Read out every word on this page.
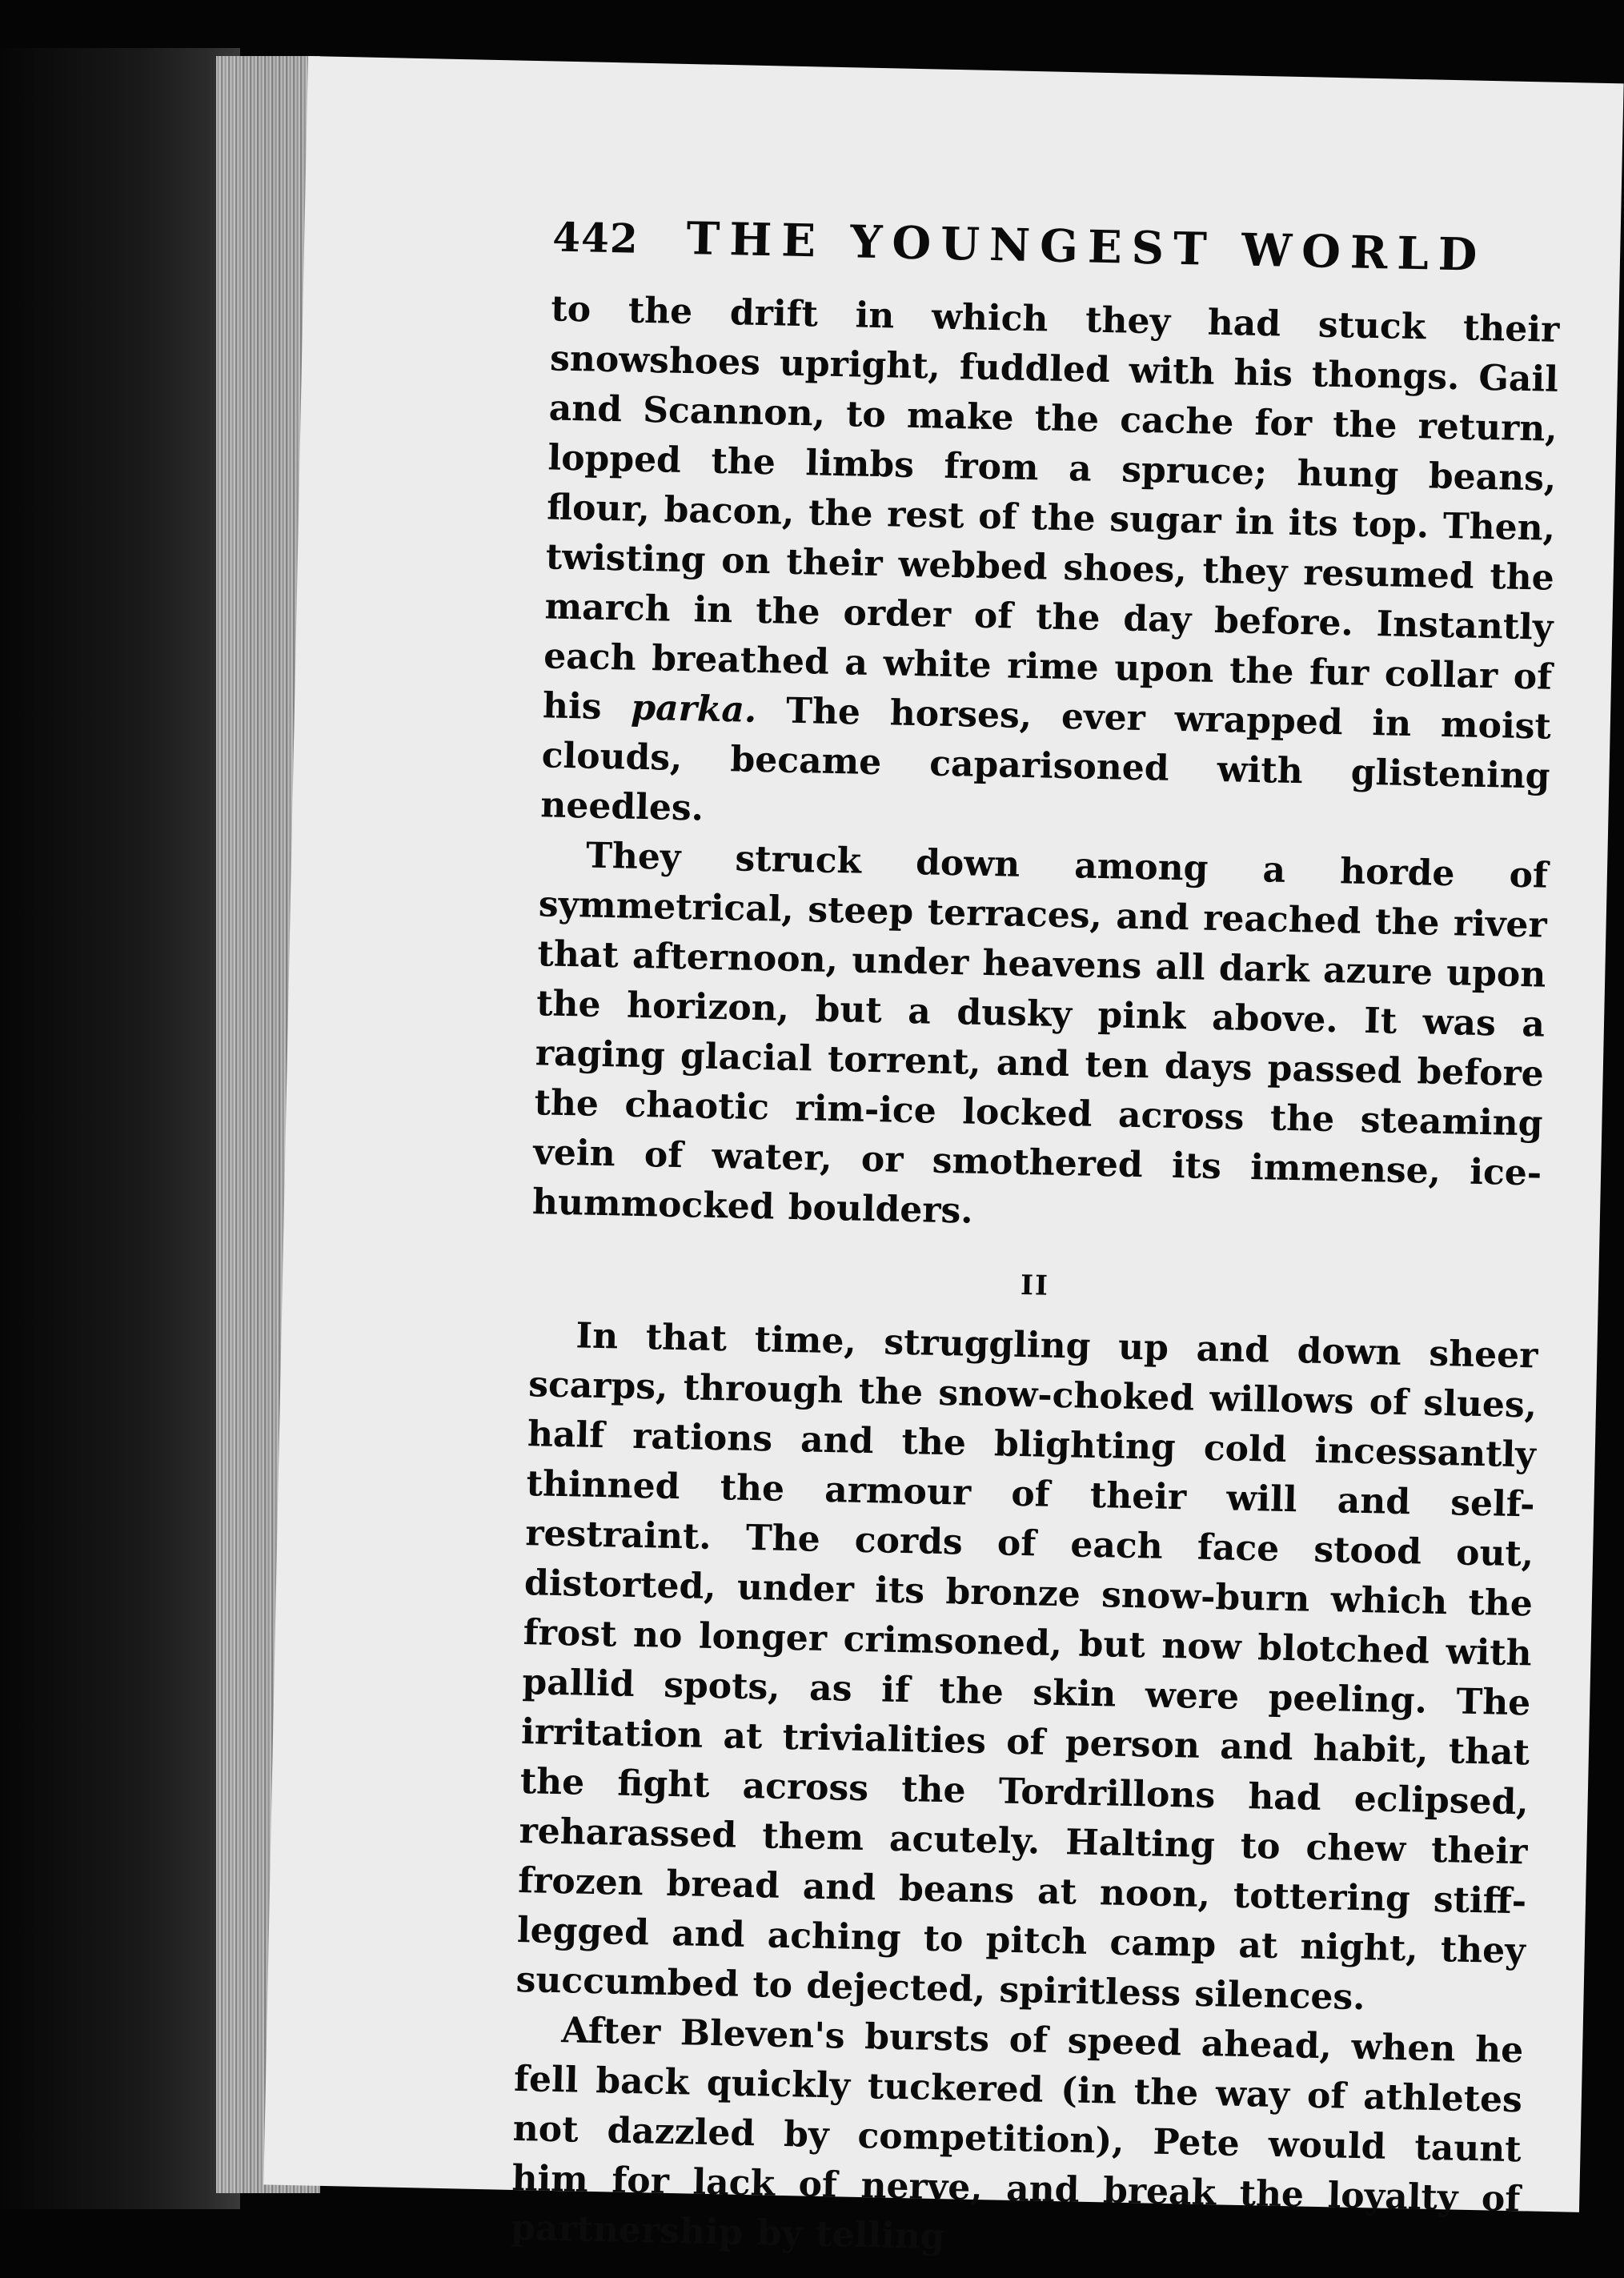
442 THE YOUNGEST WORLD

to the drift in which they had stuck their snowshoes upright, fuddled with his thongs. Gail and Scannon, to make the cache for the return, lopped the limbs from a spruce; hung beans, flour, bacon, the rest of the sugar in its top. Then, twisting on their webbed shoes, they resumed the march in the order of the day before. Instantly each breathed a white rime upon the fur collar of his parka. The horses, ever wrapped in moist clouds, became caparisoned with glistening needles.

They struck down among a horde of symmetrical, steep terraces, and reached the river that afternoon, under heavens all dark azure upon the horizon, but a dusky pink above. It was a raging glacial torrent, and ten days passed before the chaotic rim-ice locked across the steaming vein of water, or smothered its immense, ice-hummocked boulders.

II

In that time, struggling up and down sheer scarps, through the snow-choked willows of slues, half rations and the blighting cold incessantly thinned the armour of their will and self-restraint. The cords of each face stood out, distorted, under its bronze snow-burn which the frost no longer crimsoned, but now blotched with pallid spots, as if the skin were peeling. The irritation at trivialities of person and habit, that the fight across the Tordrillons had eclipsed, reharassed them acutely. Halting to chew their frozen bread and beans at noon, tottering stiff-legged and aching to pitch camp at night, they succumbed to dejected, spiritless silences.

After Bleven's bursts of speed ahead, when he fell back quickly tuckered (in the way of athletes not dazzled by competition), Pete would taunt him for lack of nerve, and break the loyalty of partnership by telling
